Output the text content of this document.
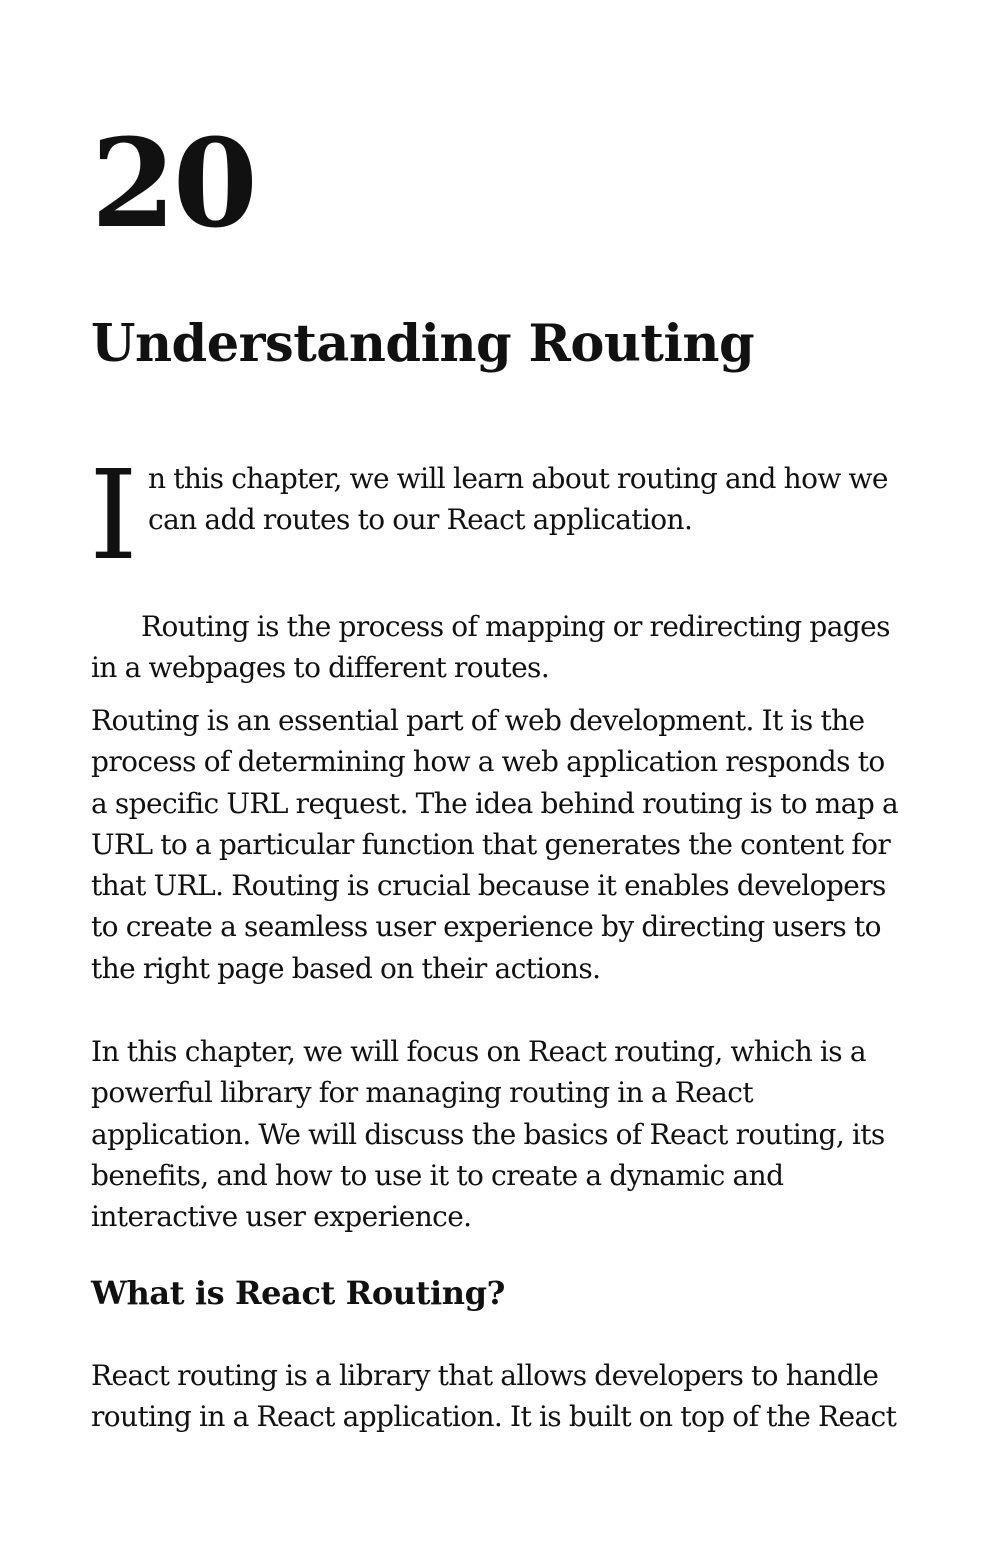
20
Understanding Routing
I n this chapter, we will learn about routing and how we
can add routes to our React application.

Routing is the process of mapping or redirecting pages
in a webpages to different routes.

Routing is an essential part of web development. It is the
process of determining how a web application responds to
a specific URL request. The idea behind routing is to map a
URL to a particular function that generates the content for
that URL. Routing is crucial because it enables developers
to create a seamless user experience by directing users to
the right page based on their actions.

In this chapter, we will focus on React routing, which is a
powerful library for managing routing in a React
application. We will discuss the basics of React routing, its
benefits, and how to use it to create a dynamic and
interactive user experience.

What is React Routing?

React routing is a library that allows developers to handle
routing in a React application. It is built on top of the React
